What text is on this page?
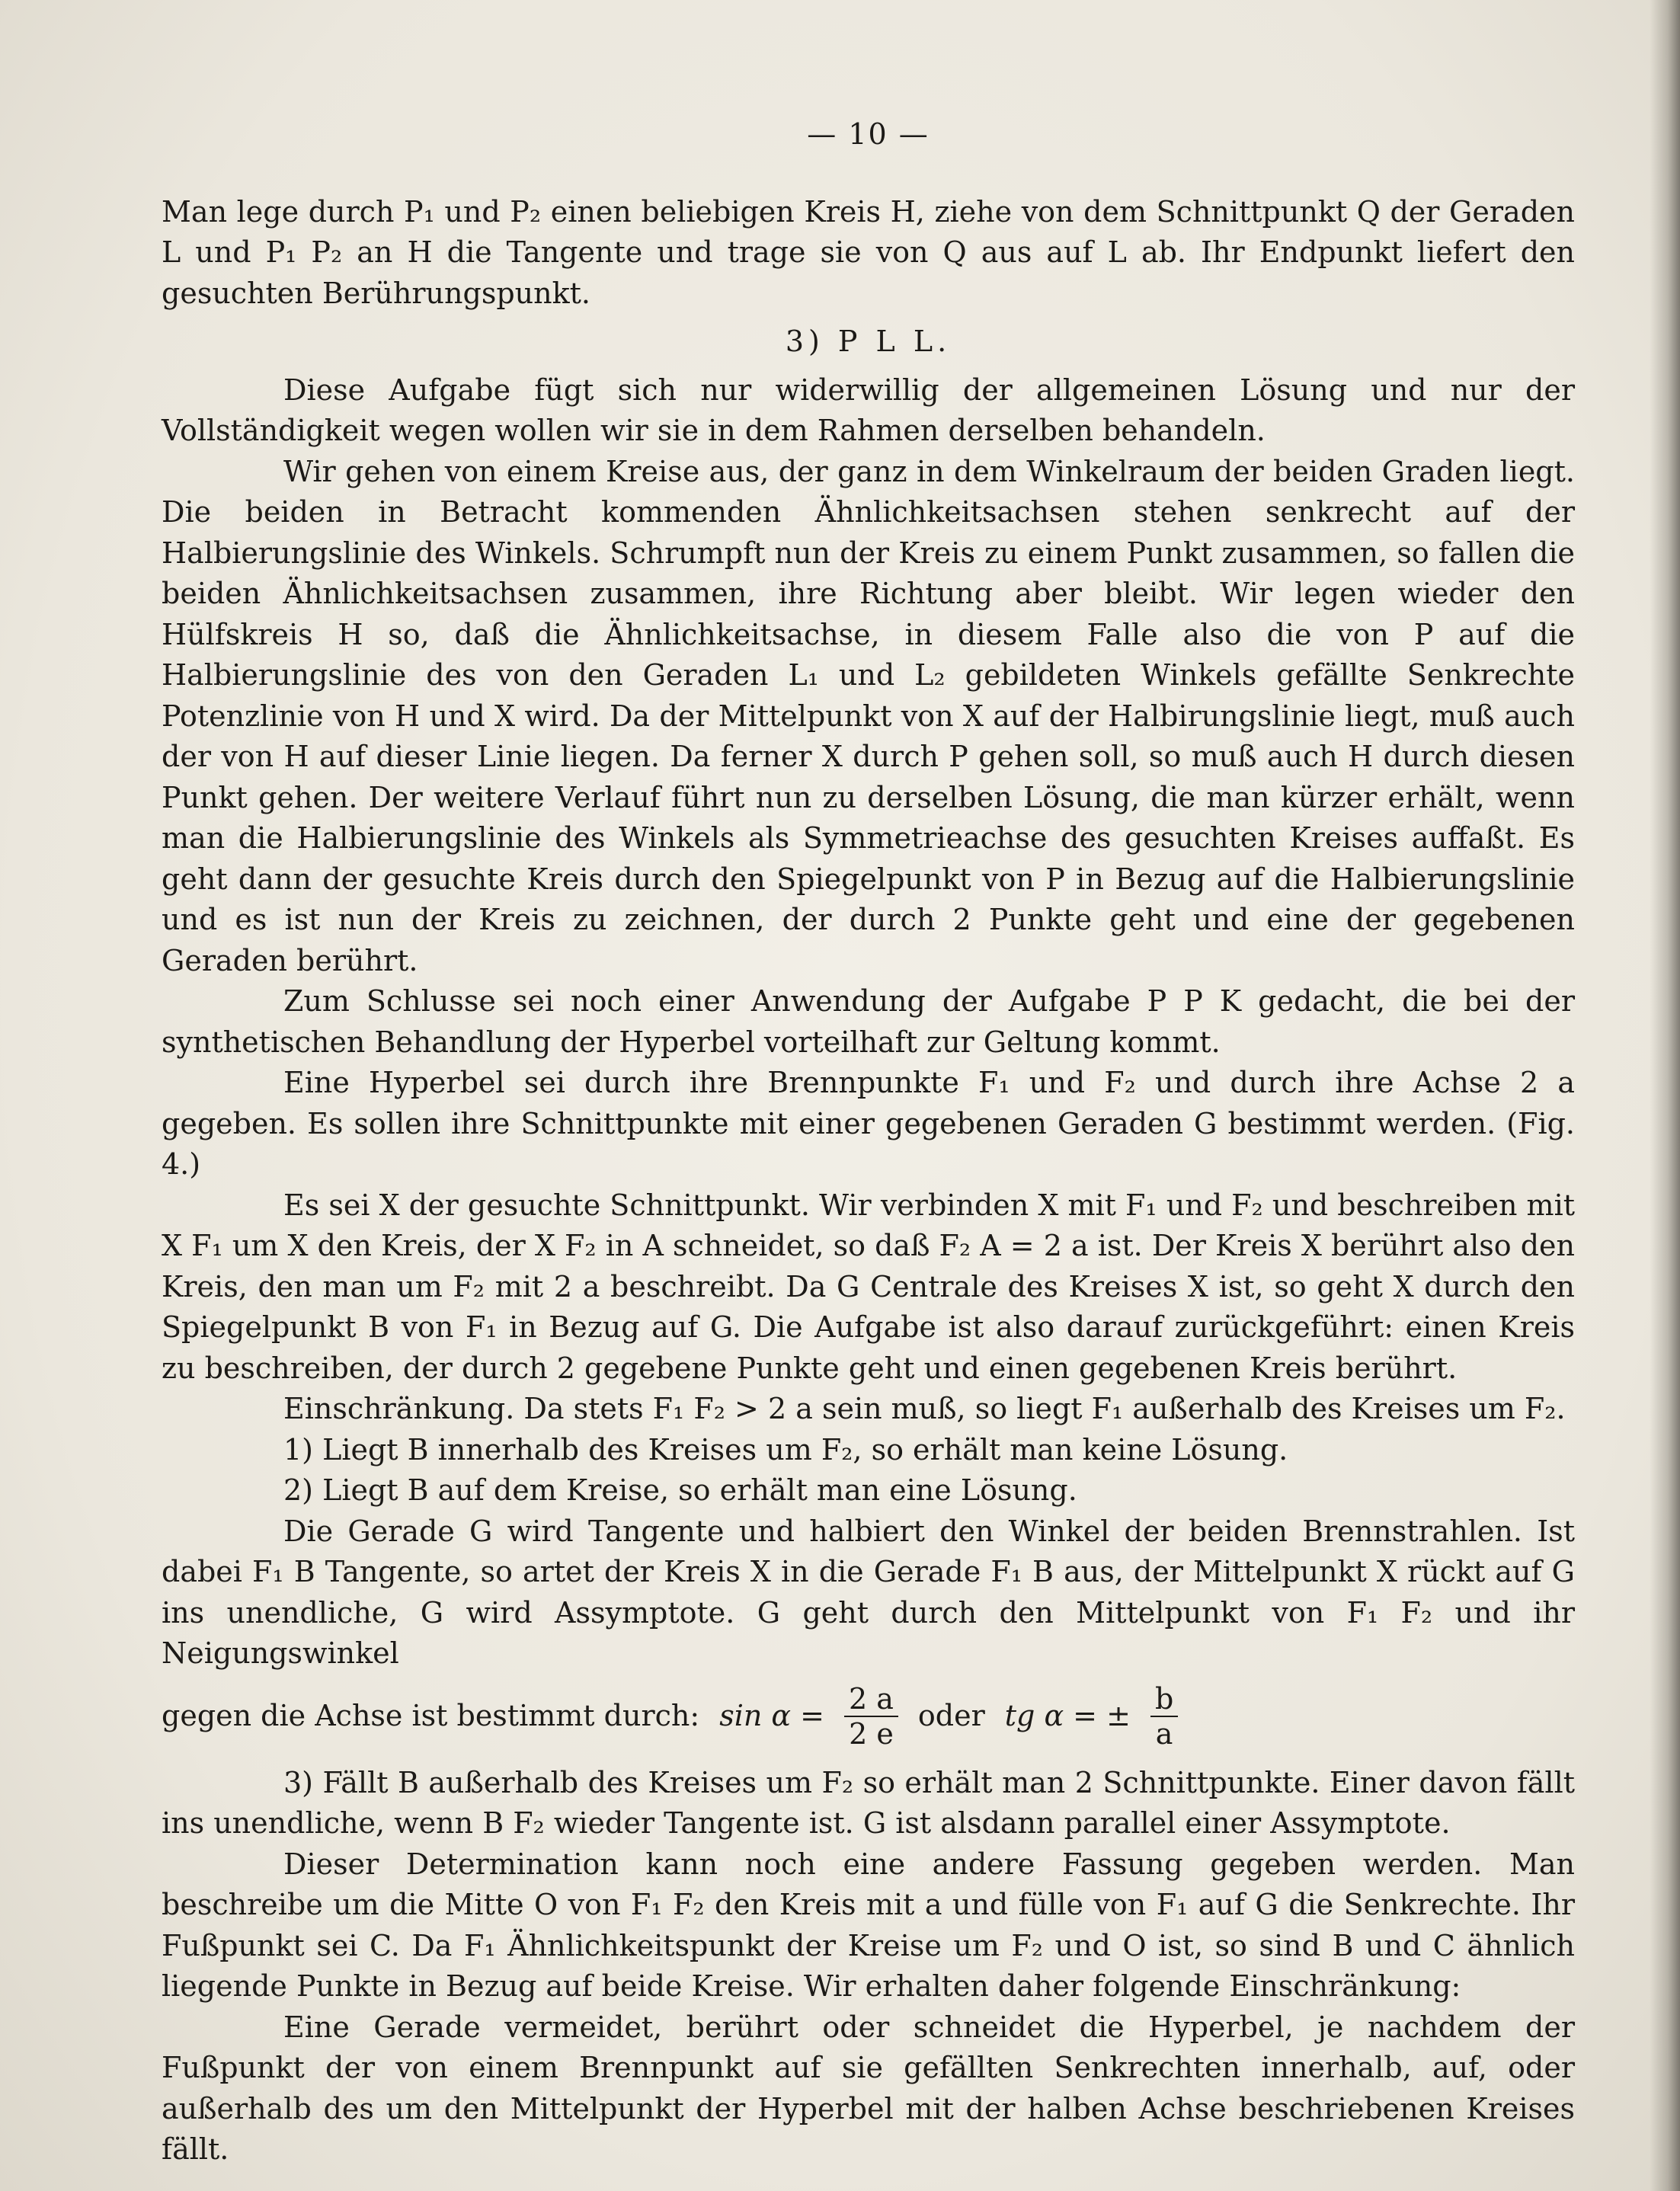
— 10 —

Man lege durch P₁ und P₂ einen beliebigen Kreis H, ziehe von dem Schnittpunkt Q der Geraden L und P₁ P₂ an H die Tangente und trage sie von Q aus auf L ab. Ihr Endpunkt liefert den gesuchten Berührungspunkt.

3) P L L.

Diese Aufgabe fügt sich nur widerwillig der allgemeinen Lösung und nur der Vollständigkeit wegen wollen wir sie in dem Rahmen derselben behandeln.

Wir gehen von einem Kreise aus, der ganz in dem Winkelraum der beiden Graden liegt. Die beiden in Betracht kommenden Ähnlichkeitsachsen stehen senkrecht auf der Halbierungslinie des Winkels. Schrumpft nun der Kreis zu einem Punkt zusammen, so fallen die beiden Ähnlichkeitsachsen zusammen, ihre Richtung aber bleibt. Wir legen wieder den Hülfskreis H so, daß die Ähnlichkeitsachse, in diesem Falle also die von P auf die Halbierungslinie des von den Geraden L₁ und L₂ gebildeten Winkels gefällte Senkrechte Potenzlinie von H und X wird. Da der Mittelpunkt von X auf der Halbirungslinie liegt, muß auch der von H auf dieser Linie liegen. Da ferner X durch P gehen soll, so muß auch H durch diesen Punkt gehen. Der weitere Verlauf führt nun zu derselben Lösung, die man kürzer erhält, wenn man die Halbierungslinie des Winkels als Symmetrieachse des gesuchten Kreises auffaßt. Es geht dann der gesuchte Kreis durch den Spiegelpunkt von P in Bezug auf die Halbierungslinie und es ist nun der Kreis zu zeichnen, der durch 2 Punkte geht und eine der gegebenen Geraden berührt.

Zum Schlusse sei noch einer Anwendung der Aufgabe P P K gedacht, die bei der synthetischen Behandlung der Hyperbel vorteilhaft zur Geltung kommt.

Eine Hyperbel sei durch ihre Brennpunkte F₁ und F₂ und durch ihre Achse 2 a gegeben. Es sollen ihre Schnittpunkte mit einer gegebenen Geraden G bestimmt werden. (Fig. 4.)

Es sei X der gesuchte Schnittpunkt. Wir verbinden X mit F₁ und F₂ und beschreiben mit X F₁ um X den Kreis, der X F₂ in A schneidet, so daß F₂ A = 2 a ist. Der Kreis X berührt also den Kreis, den man um F₂ mit 2 a beschreibt. Da G Centrale des Kreises X ist, so geht X durch den Spiegelpunkt B von F₁ in Bezug auf G. Die Aufgabe ist also darauf zurückgeführt: einen Kreis zu beschreiben, der durch 2 gegebene Punkte geht und einen gegebenen Kreis berührt.

Einschränkung. Da stets F₁ F₂ > 2 a sein muß, so liegt F₁ außerhalb des Kreises um F₂.

1) Liegt B innerhalb des Kreises um F₂, so erhält man keine Lösung.

2) Liegt B auf dem Kreise, so erhält man eine Lösung.

Die Gerade G wird Tangente und halbiert den Winkel der beiden Brennstrahlen. Ist dabei F₁ B Tangente, so artet der Kreis X in die Gerade F₁ B aus, der Mittelpunkt X rückt auf G ins unendliche, G wird Assymptote. G geht durch den Mittelpunkt von F₁ F₂ und ihr Neigungswinkel

gegen die Achse ist bestimmt durch: $\sin \alpha = \frac{2 a}{2 e}$ oder tg α = ± $\frac{b}{a}$

3) Fällt B außerhalb des Kreises um F₂ so erhält man 2 Schnittpunkte. Einer davon fällt ins unendliche, wenn B F₂ wieder Tangente ist. G ist alsdann parallel einer Assymptote.

Dieser Determination kann noch eine andere Fassung gegeben werden. Man beschreibe um die Mitte O von F₁ F₂ den Kreis mit a und fülle von F₁ auf G die Senkrechte. Ihr Fußpunkt sei C. Da F₁ Ähnlichkeitspunkt der Kreise um F₂ und O ist, so sind B und C ähnlich liegende Punkte in Bezug auf beide Kreise. Wir erhalten daher folgende Einschränkung:

Eine Gerade vermeidet, berührt oder schneidet die Hyperbel, je nachdem der Fußpunkt der von einem Brennpunkt auf sie gefällten Senkrechten innerhalb, auf, oder außerhalb des um den Mittelpunkt der Hyperbel mit der halben Achse beschriebenen Kreises fällt.
